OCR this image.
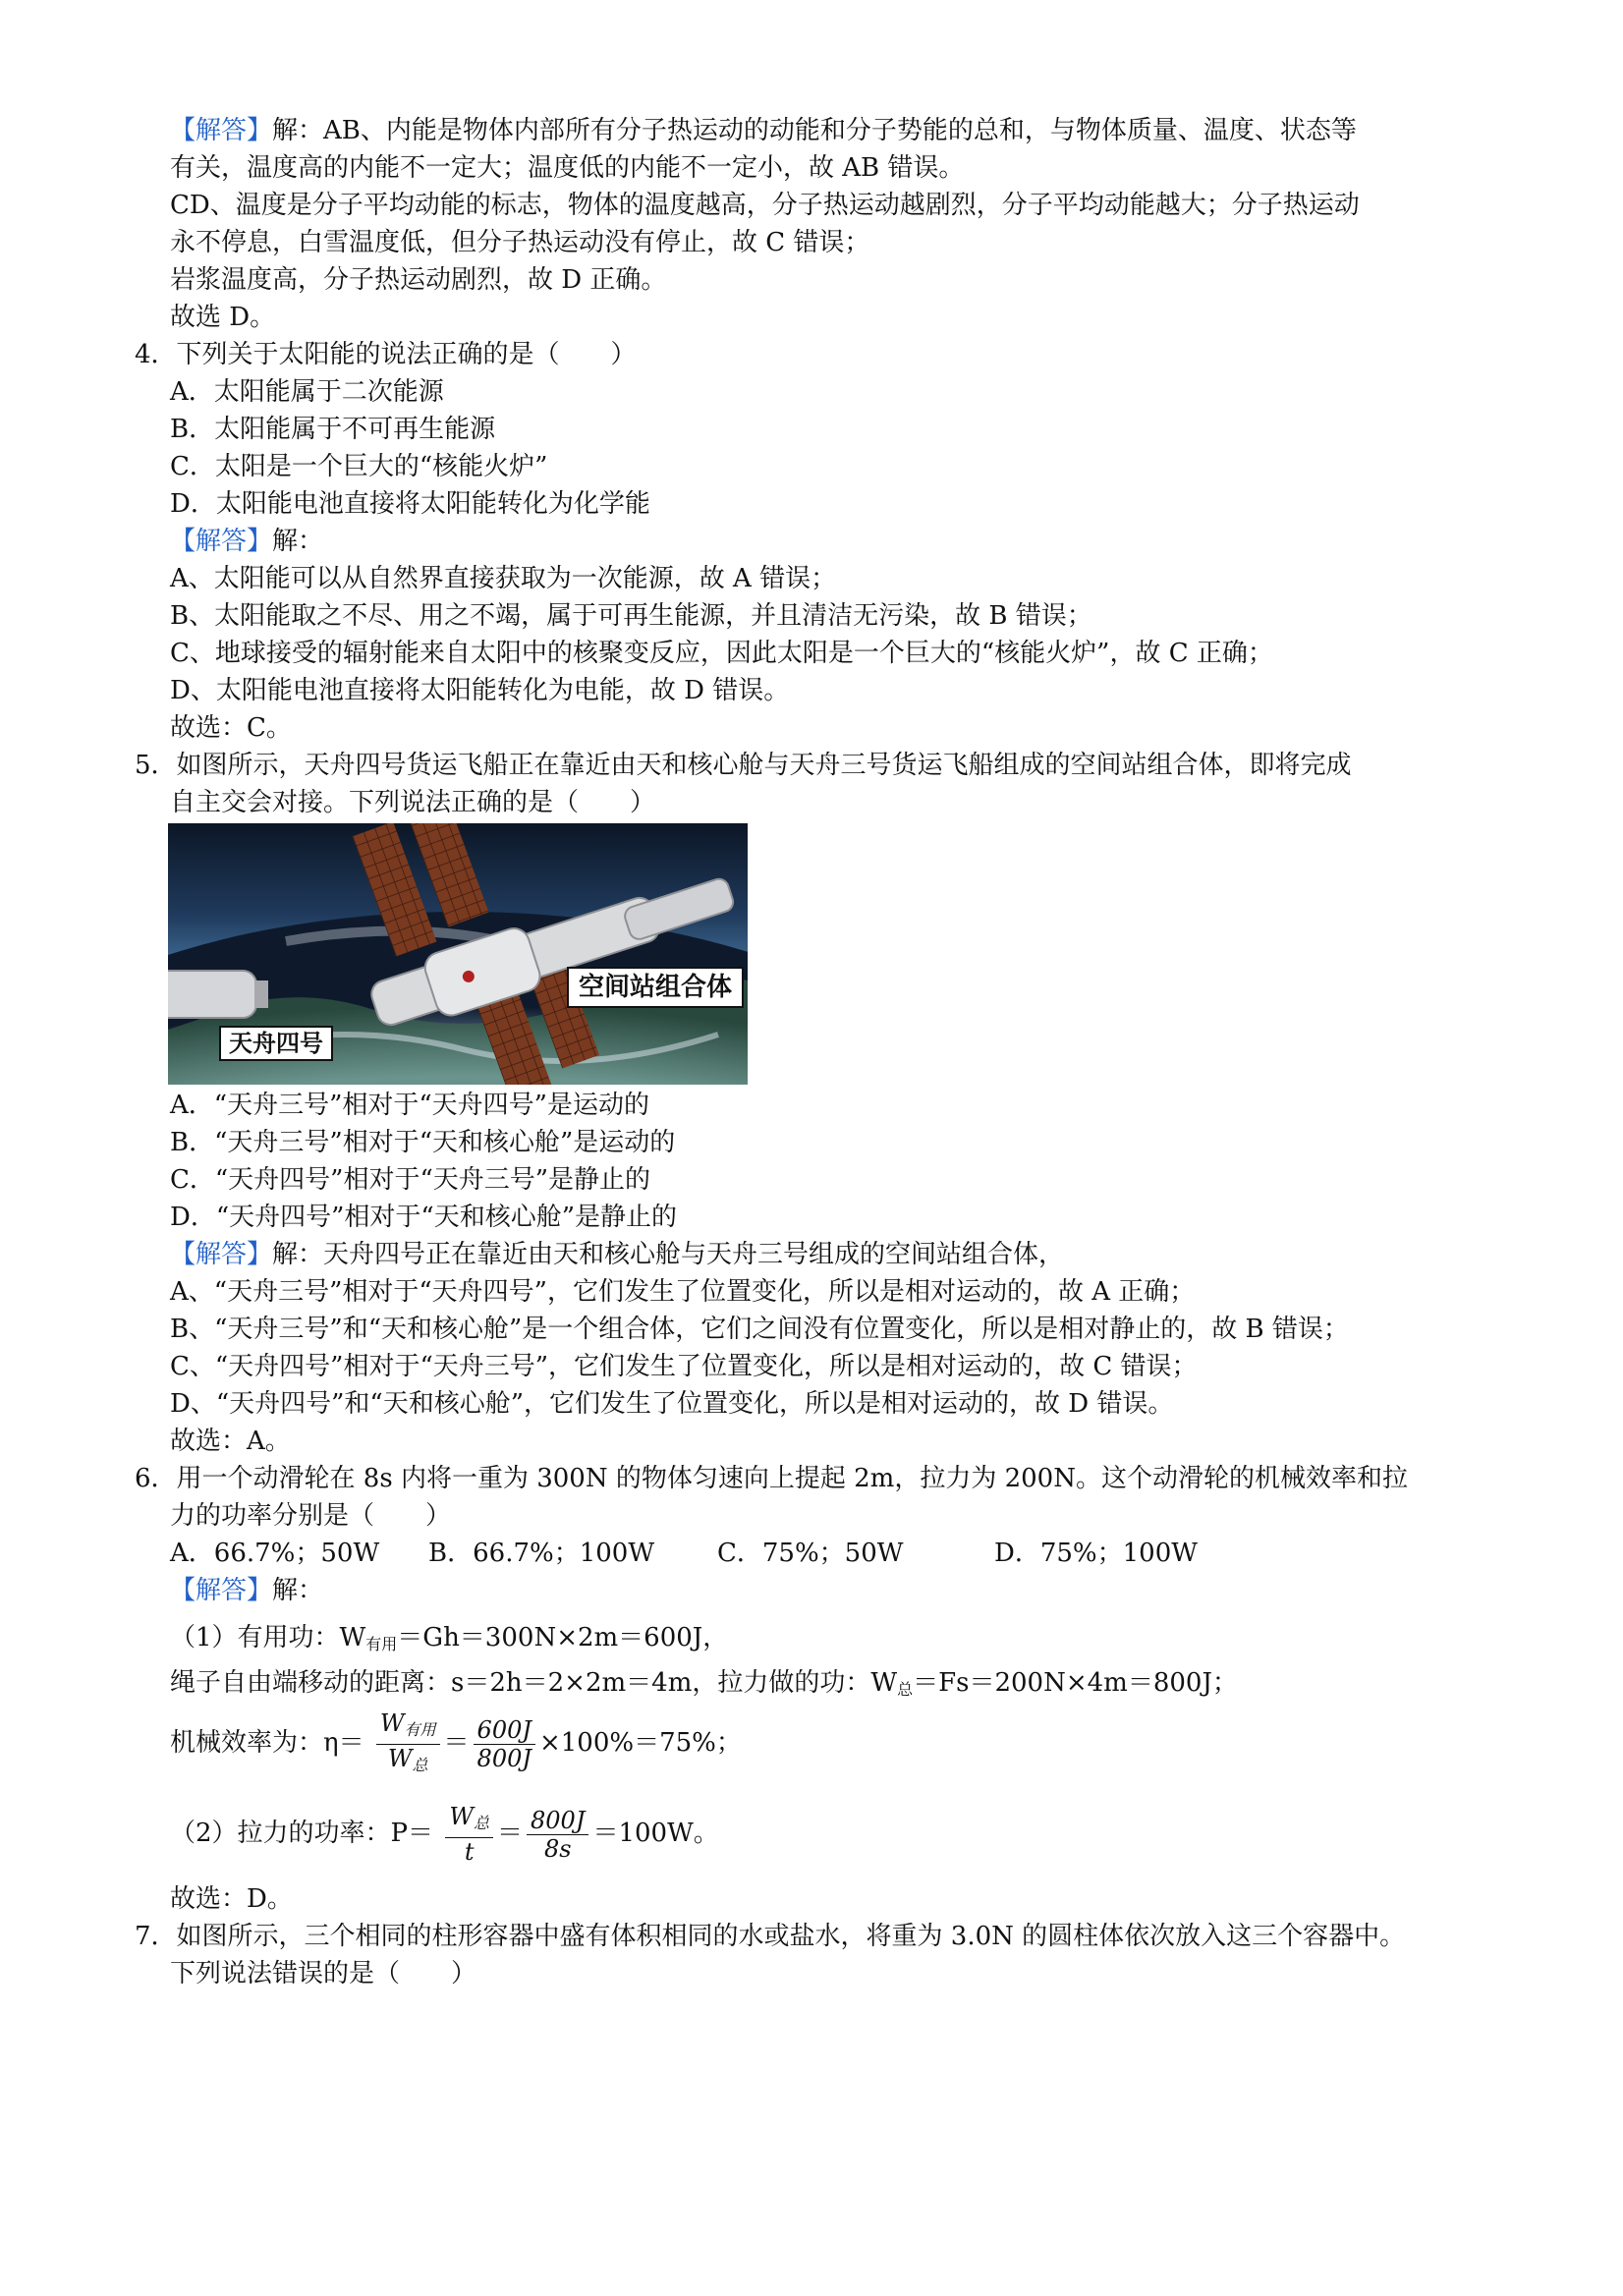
【解答】解：AB、内能是物体内部所有分子热运动的动能和分子势能的总和，与物体质量、温度、状态等
有关，温度高的内能不一定大；温度低的内能不一定小，故 AB 错误。
CD、温度是分子平均动能的标志，物体的温度越高，分子热运动越剧烈，分子平均动能越大；分子热运动
永不停息，白雪温度低，但分子热运动没有停止，故 C 错误；
岩浆温度高，分子热运动剧烈，故 D 正确。
故选 D。
4．下列关于太阳能的说法正确的是（　　）
A．太阳能属于二次能源
B．太阳能属于不可再生能源
C．太阳是一个巨大的“核能火炉”
D．太阳能电池直接将太阳能转化为化学能
【解答】解：
A、太阳能可以从自然界直接获取为一次能源，故 A 错误；
B、太阳能取之不尽、用之不竭，属于可再生能源，并且清洁无污染，故 B 错误；
C、地球接受的辐射能来自太阳中的核聚变反应，因此太阳是一个巨大的“核能火炉”，故 C 正确；
D、太阳能电池直接将太阳能转化为电能，故 D 错误。
故选：C。
5．如图所示，天舟四号货运飞船正在靠近由天和核心舱与天舟三号货运飞船组成的空间站组合体，即将完成
自主交会对接。下列说法正确的是（　　）
天舟四号
空间站组合体
A．“天舟三号”相对于“天舟四号”是运动的
B．“天舟三号”相对于“天和核心舱”是运动的
C．“天舟四号”相对于“天舟三号”是静止的
D．“天舟四号”相对于“天和核心舱”是静止的
【解答】解：天舟四号正在靠近由天和核心舱与天舟三号组成的空间站组合体，
A、“天舟三号”相对于“天舟四号”，它们发生了位置变化，所以是相对运动的，故 A 正确；
B、“天舟三号”和“天和核心舱”是一个组合体，它们之间没有位置变化，所以是相对静止的，故 B 错误；
C、“天舟四号”相对于“天舟三号”，它们发生了位置变化，所以是相对运动的，故 C 错误；
D、“天舟四号”和“天和核心舱”，它们发生了位置变化，所以是相对运动的，故 D 错误。
故选：A。
6．用一个动滑轮在 8s 内将一重为 300N 的物体匀速向上提起 2m，拉力为 200N。这个动滑轮的机械效率和拉
力的功率分别是（　　）
A．66.7%；50W B．66.7%；100W C．75%；50W	D．75%；100W
【解答】解：
（1）有用功：W有用＝Gh＝300N×2m＝600J，
绳子自由端移动的距离：s＝2h＝2×2m＝4m，拉力做的功：W总＝Fs＝200N×4m＝800J；
机械效率为：$\eta= \frac{W_{有用}}{W_总} = \frac{600J}{800J} \times 100\%=75\%$；
（2）拉力的功率：$P= \frac{W_总}{t} = \frac{800J}{8s} =100W$。
故选：D。
7．如图所示，三个相同的柱形容器中盛有体积相同的水或盐水，将重为 3.0N 的圆柱体依次放入这三个容器中。
下列说法错误的是（　　）
